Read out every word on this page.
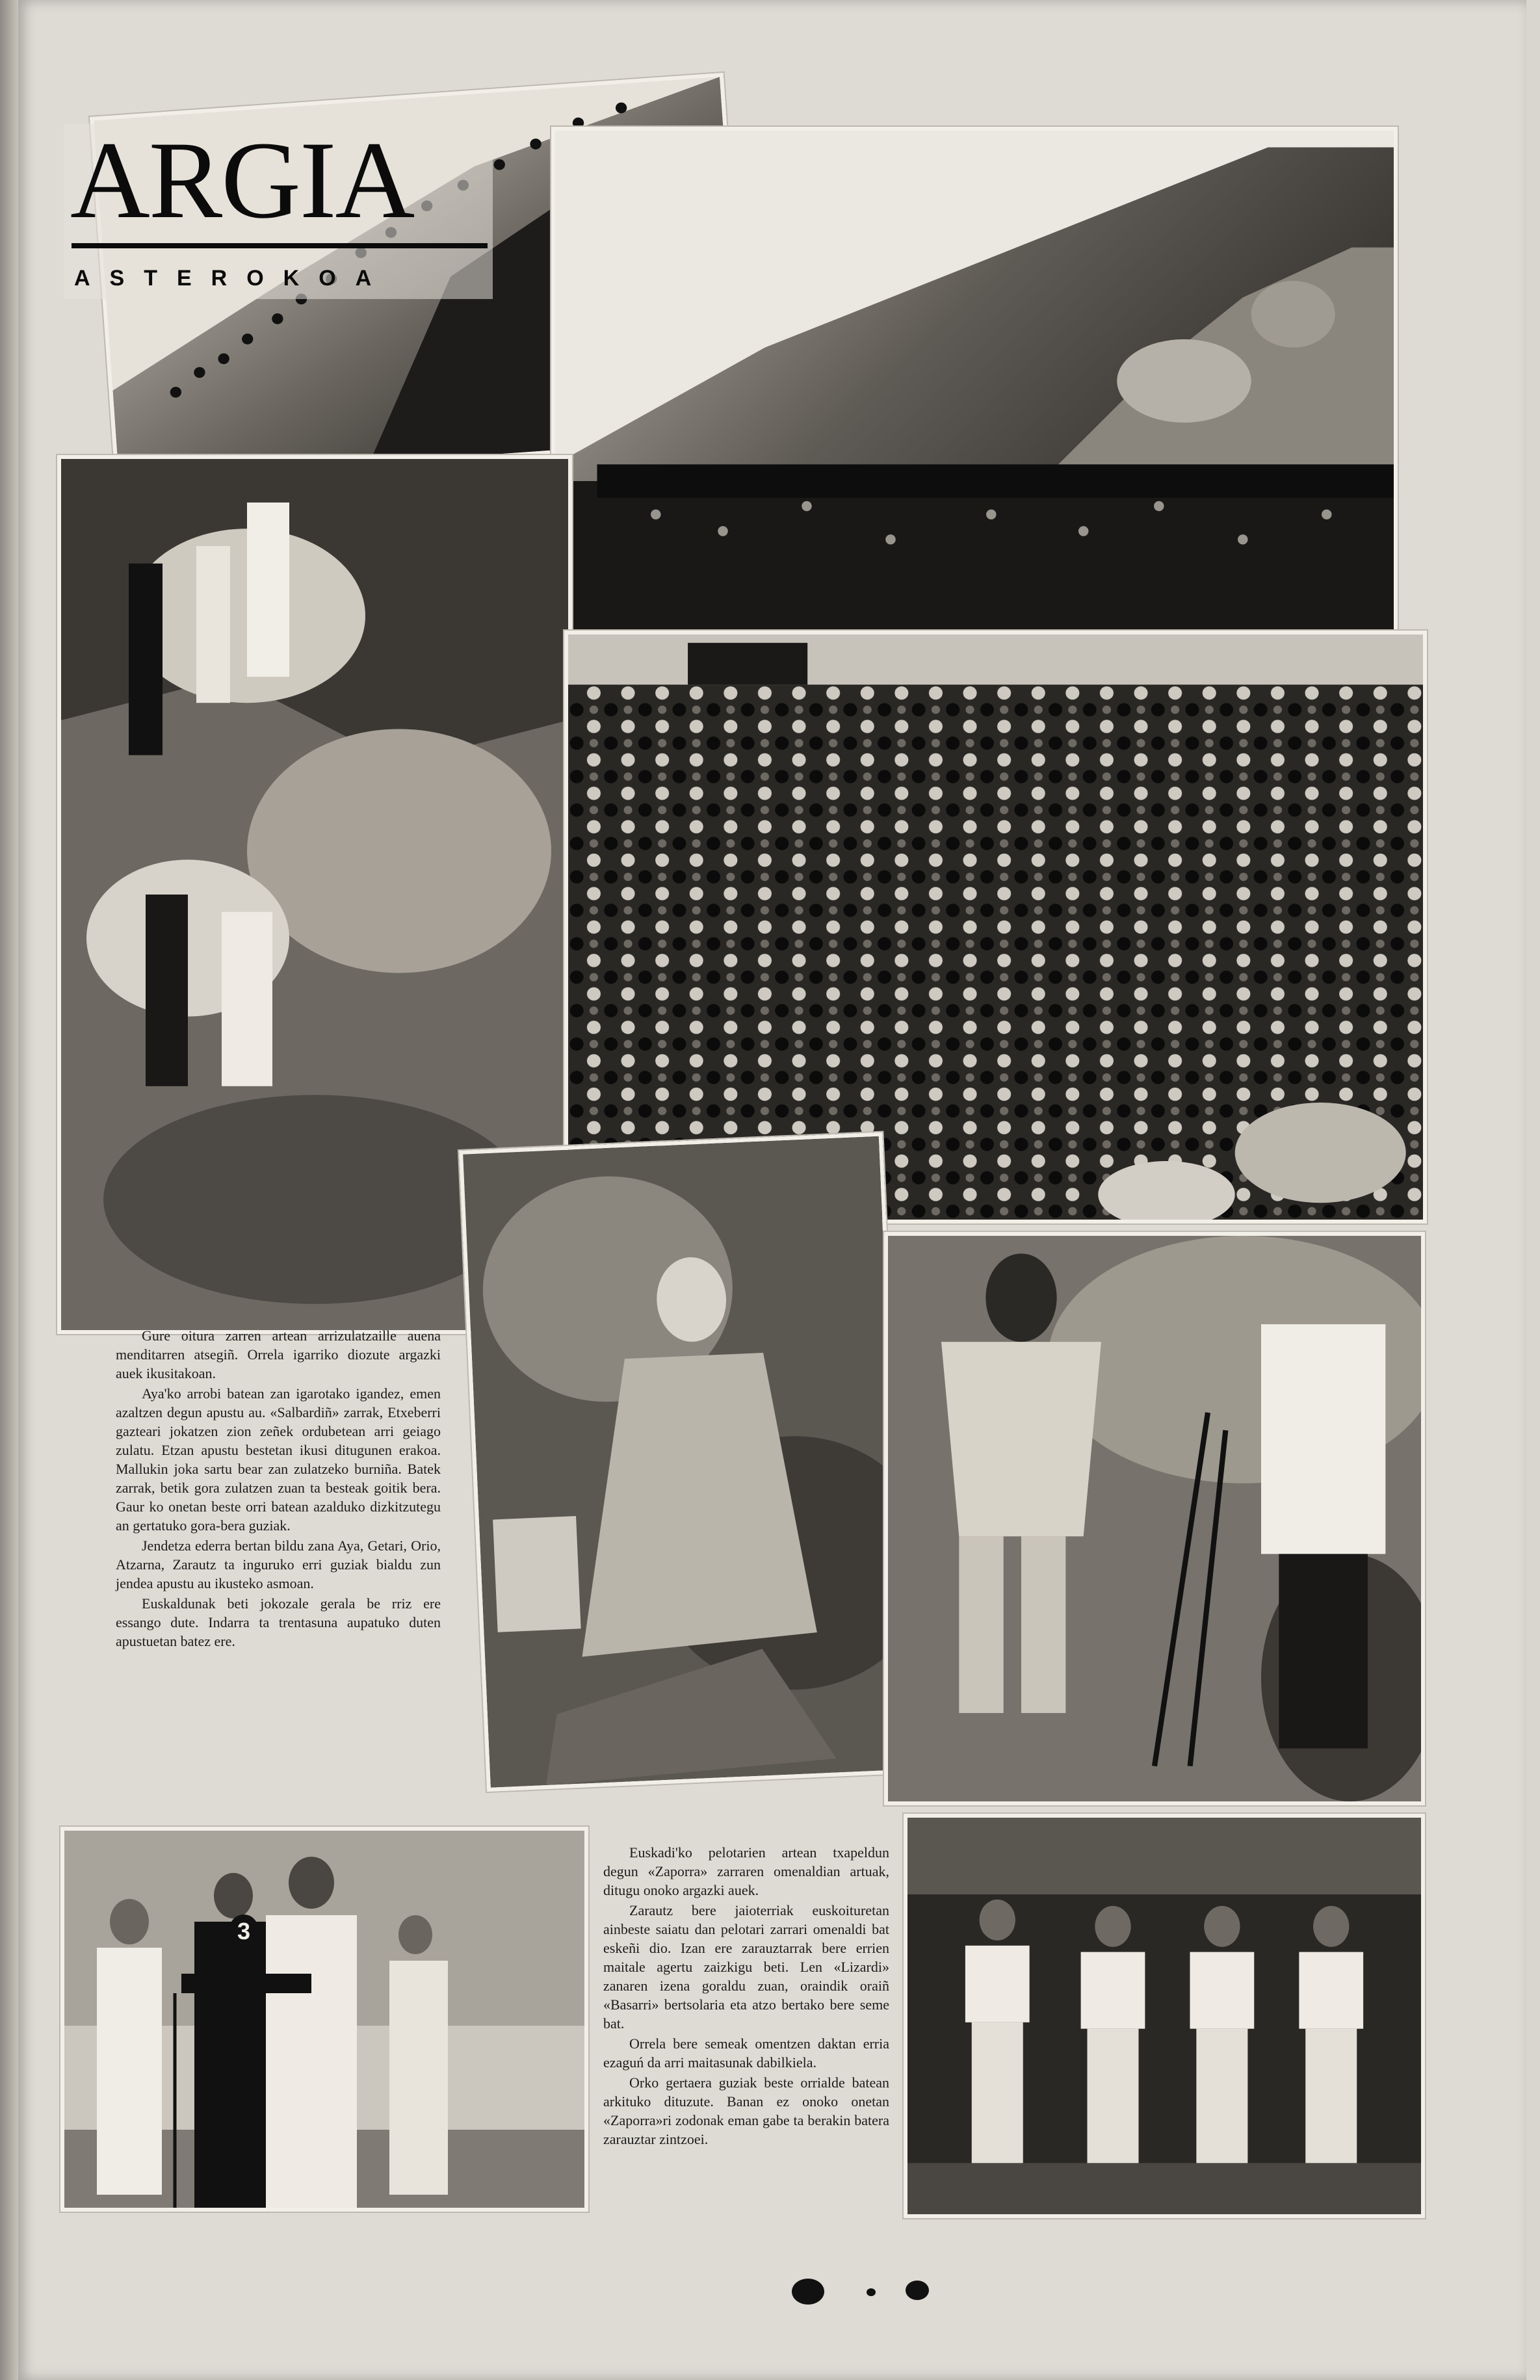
3
ARGIA
ASTEROKOA

Gure oitura zarren artean arrizulatzaille auena menditarren atsegiñ. Orrela igarriko diozute argazki auek ikusitakoan.

Aya'ko arrobi batean zan igarotako igandez, emen azaltzen degun apustu au. «Salbardiñ» zarrak, Etxeberri gazteari jokatzen zion zeñek ordubetean arri geiago zulatu. Etzan apustu bestetan ikusi ditugunen erakoa. Mallukin joka sartu bear zan zulatzeko burniña. Batek zarrak, betik gora zulatzen zuan ta besteak goitik bera. Gaur ko onetan beste orri batean azalduko dizkitzutegu an gertatuko gora-bera guziak.

Jendetza ederra bertan bildu zana Aya, Getari, Orio, Atzarna, Zarautz ta inguruko erri guziak bialdu zun jendea apustu au ikusteko asmoan.

Euskaldunak beti jokozale gerala be rriz ere essango dute. Indarra ta trentasuna aupatuko duten apustuetan batez ere.

Euskadi'ko pelotarien artean txapeldun degun «Zaporra» zarraren omenaldian artuak, ditugu onoko argazki auek.

Zarautz bere jaioterriak euskoituretan ainbeste saiatu dan pelotari zarrari omenaldi bat eskeñi dio. Izan ere zarauztarrak bere errien maitale agertu zaizkigu beti. Len «Lizardi» zanaren izena goraldu zuan, oraindik oraiñ «Basarri» bertsolaria eta atzo bertako bere seme bat.

Orrela bere semeak omentzen daktan erria ezaguń da arri maitasunak dabilkiela.

Orko gertaera guziak beste orrialde batean arkituko dituzute. Banan ez onoko onetan «Zaporra»ri zodonak eman gabe ta berakin batera zarauztar zintzoei.
